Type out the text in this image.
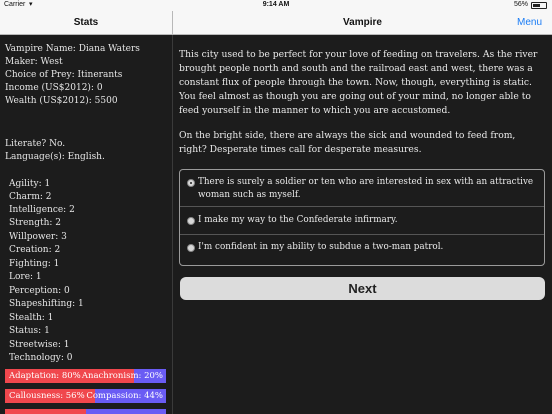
Carrier ▾	9:14 AM	56%
Stats	Vampire	Menu
Vampire Name: Diana Waters
Maker: West
Choice of Prey: Itinerants
Income (US$2012): 0
Wealth (US$2012): 5500
Literate? No.
Language(s): English.
Agility: 1
Charm: 2
Intelligence: 2
Strength: 2
Willpower: 3
Creation: 2
Fighting: 1
Lore: 1
Perception: 0
Shapeshifting: 1
Stealth: 1
Status: 1
Streetwise: 1
Technology: 0
Adaptation: 80% Anachronism: 20%
Callousness: 56% Compassion: 44%
This city used to be perfect for your love of feeding on travelers. As the river brought people north and south and the railroad east and west, there was a constant flux of people through the town. Now, though, everything is static. You feel almost as though you are going out of your mind, no longer able to feed yourself in the manner to which you are accustomed.
On the bright side, there are always the sick and wounded to feed from, right? Desperate times call for desperate measures.
There is surely a soldier or ten who are interested in sex with an attractive woman such as myself.
I make my way to the Confederate infirmary.
I'm confident in my ability to subdue a two-man patrol.
Next
